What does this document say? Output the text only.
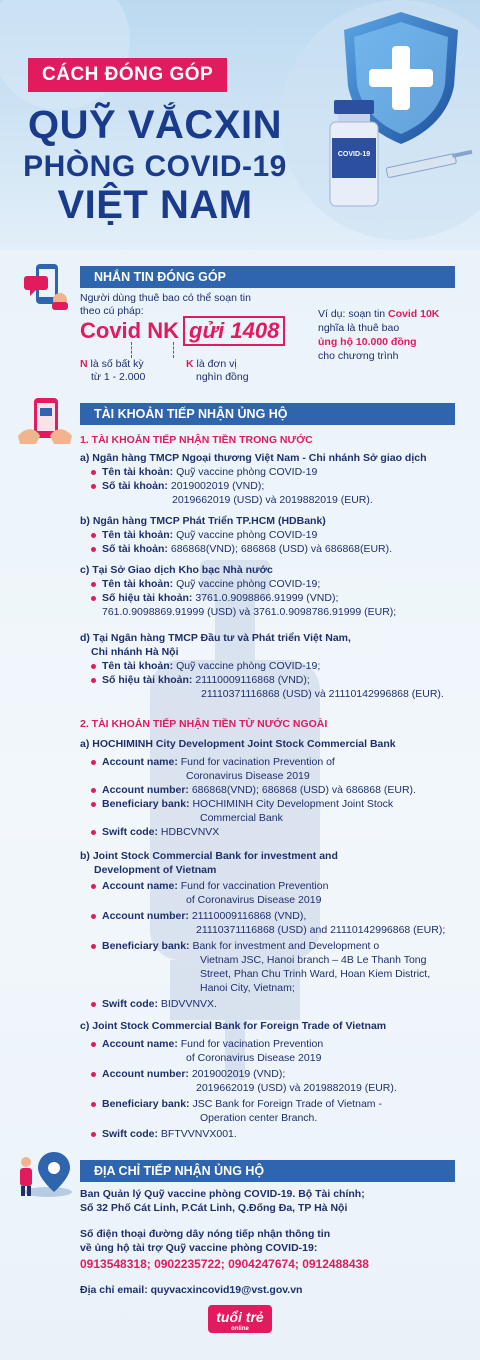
CÁCH ĐÓNG GÓP
QUỸ VẮCXIN
PHÒNG COVID-19
VIỆT NAM
COVID-19
NHẮN TIN ĐÓNG GÓP
Người dùng thuê bao có thể soạn tin
theo cú pháp:
Covid NK gửi 1408
N là số bất kỳ
từ 1 - 2.000
K là đơn vị
nghìn đồng
Ví dụ: soạn tin Covid 10K
nghĩa là thuê bao
ủng hộ 10.000 đồng
cho chương trình
TÀI KHOẢN TIẾP NHẬN ỦNG HỘ
1. TÀI KHOẢN TIẾP NHẬN TIỀN TRONG NƯỚC
a) Ngân hàng TMCP Ngoại thương Việt Nam - Chi nhánh Sở giao dịch
Tên tài khoản: Quỹ vaccine phòng COVID-19
Số tài khoản: 2019002019 (VND);
2019662019 (USD) và 2019882019 (EUR).
b) Ngân hàng TMCP Phát Triển TP.HCM (HDBank)
Tên tài khoản: Quỹ vaccine phòng COVID-19
Số tài khoản: 686868(VND); 686868 (USD) và 686868(EUR).
c) Tại Sở Giao dịch Kho bạc Nhà nước
Tên tài khoản: Quỹ vaccine phòng COVID-19;
Số hiệu tài khoản: 3761.0.9098866.91999 (VND);
761.0.9098869.91999 (USD) và 3761.0.9098786.91999 (EUR);
d) Tại Ngân hàng TMCP Đầu tư và Phát triển Việt Nam,
Chi nhánh Hà Nội
Tên tài khoản: Quỹ vaccine phòng COVID-19;
Số hiệu tài khoản: 21110009116868 (VND);
21110371116868 (USD) và 21110142996868 (EUR).
2. TÀI KHOẢN TIẾP NHẬN TIỀN TỪ NƯỚC NGOÀI
a) HOCHIMINH City Development Joint Stock Commercial Bank
Account name: Fund for vacination Prevention of
Coronavirus Disease 2019
Account number: 686868(VND); 686868 (USD) và 686868 (EUR).
Beneficiary bank: HOCHIMINH City Development Joint Stock
Commercial Bank
Swift code: HDBCVNVX
b) Joint Stock Commercial Bank for investment and
Development of Vietnam
Account name: Fund for vaccination Prevention
of Coronavirus Disease 2019
Account number: 21110009116868 (VND),
21110371116868 (USD) and 21110142996868 (EUR);
Beneficiary bank: Bank for investment and Development o
Vietnam JSC, Hanoi branch – 4B Le Thanh Tong
Street, Phan Chu Trinh Ward, Hoan Kiem District,
Hanoi City, Vietnam;
Swift code: BIDVVNVX.
c) Joint Stock Commercial Bank for Foreign Trade of Vietnam
Account name: Fund for vacination Prevention
of Coronavirus Disease 2019
Account number: 2019002019 (VND);
2019662019 (USD) và 2019882019 (EUR).
Beneficiary bank: JSC Bank for Foreign Trade of Vietnam -
Operation center Branch.
Swift code: BFTVVNVX001.
ĐỊA CHỈ TIẾP NHẬN ỦNG HỘ
Ban Quản lý Quỹ vaccine phòng COVID-19. Bộ Tài chính;
Số 32 Phố Cát Linh, P.Cát Linh, Q.Đống Đa, TP Hà Nội
Số điện thoại đường dây nóng tiếp nhận thông tin
về ủng hộ tài trợ Quỹ vaccine phòng COVID-19:
0913548318; 0902235722; 0904247674; 0912488438
Địa chỉ email: quyvacxincovid19@vst.gov.vn
tuổi trẻ
online
